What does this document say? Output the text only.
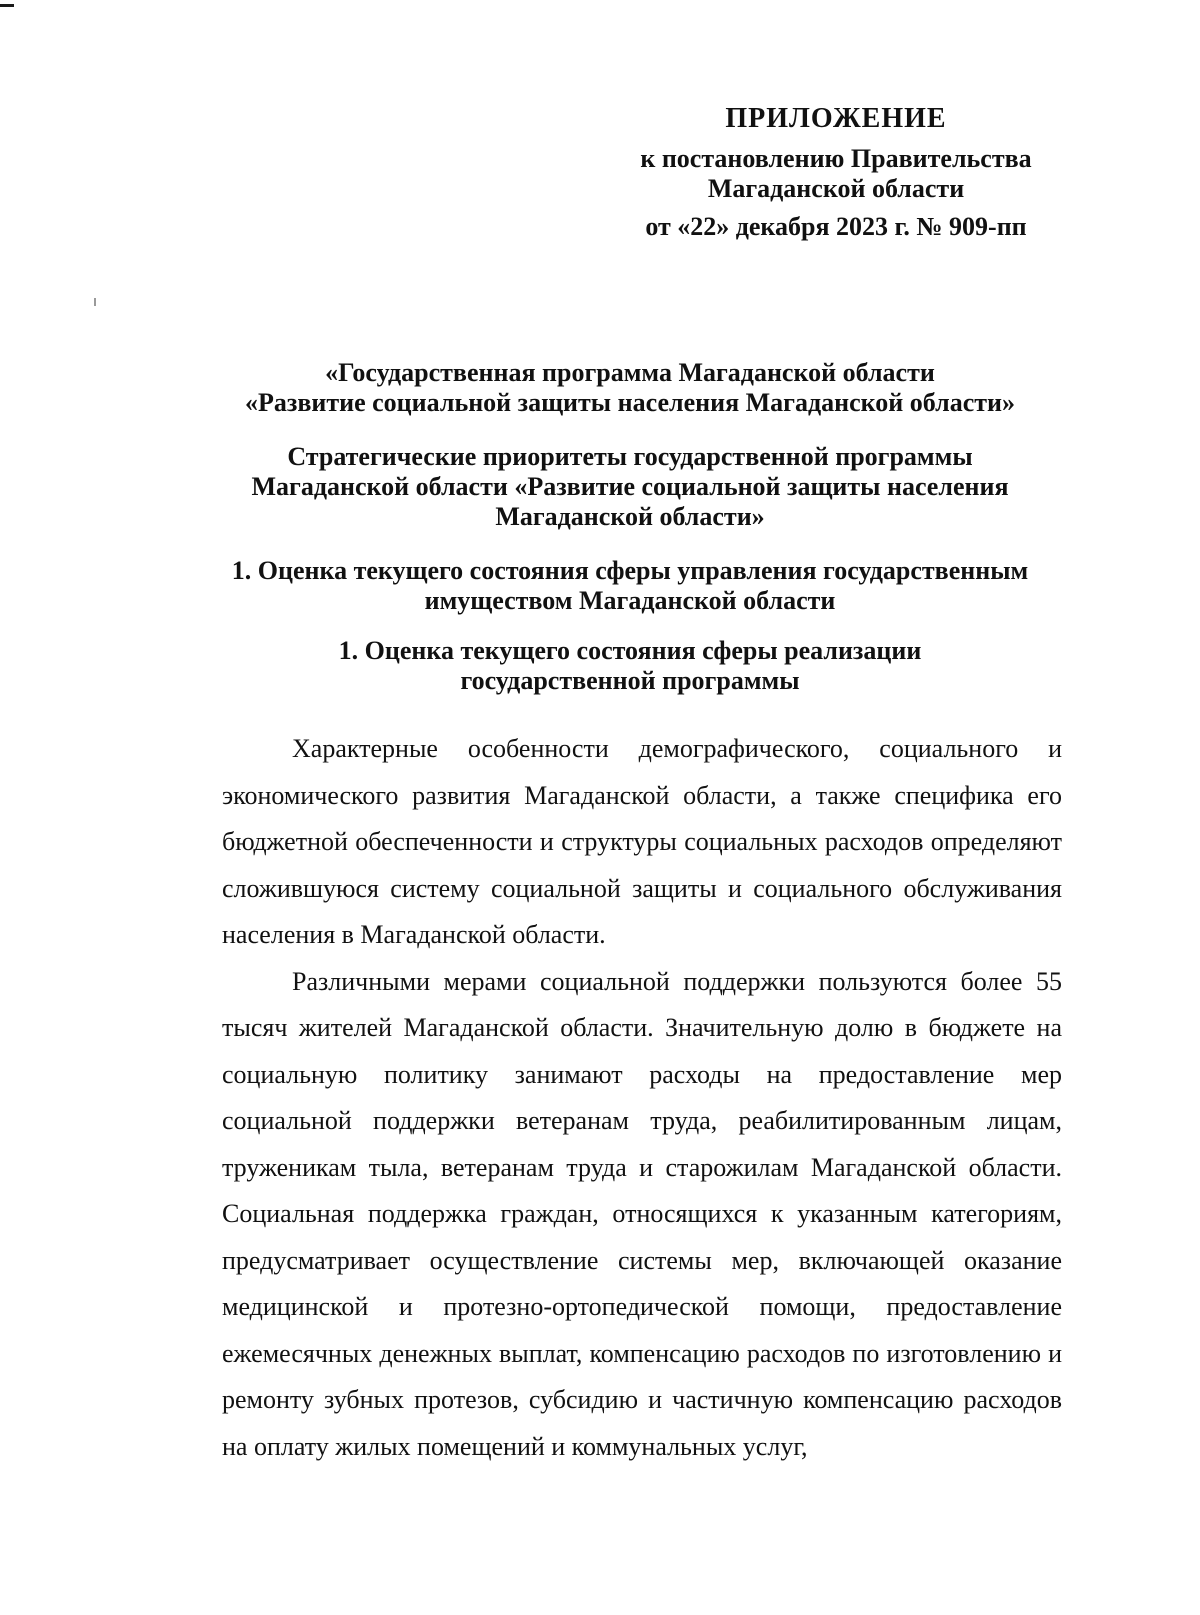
ПРИЛОЖЕНИЕ
к постановлению Правительства
Магаданской области
от «22» декабря 2023 г. № 909-пп
«Государственная программа Магаданской области
«Развитие социальной защиты населения Магаданской области»
Стратегические приоритеты государственной программы
Магаданской области «Развитие социальной защиты населения
Магаданской области»
1. Оценка текущего состояния сферы управления государственным
имуществом Магаданской области
1. Оценка текущего состояния сферы реализации
государственной программы

Характерные особенности демографического, социального и экономического развития Магаданской области, а также специфика его бюджетной обеспеченности и структуры социальных расходов определяют сложившуюся систему социальной защиты и социального обслуживания населения в Магаданской области.

Различными мерами социальной поддержки пользуются более 55 тысяч жителей Магаданской области. Значительную долю в бюджете на социальную политику занимают расходы на предоставление мер социальной поддержки ветеранам труда, реабилитированным лицам, труженикам тыла, ветеранам труда и старожилам Магаданской области. Социальная поддержка граждан, относящихся к указанным категориям, предусматривает осуществление системы мер, включающей оказание медицинской и протезно-ортопедической помощи, предоставление ежемесячных денежных выплат, компенсацию расходов по изготовлению и ремонту зубных протезов, субсидию и частичную компенсацию расходов на оплату жилых помещений и коммунальных услуг,
